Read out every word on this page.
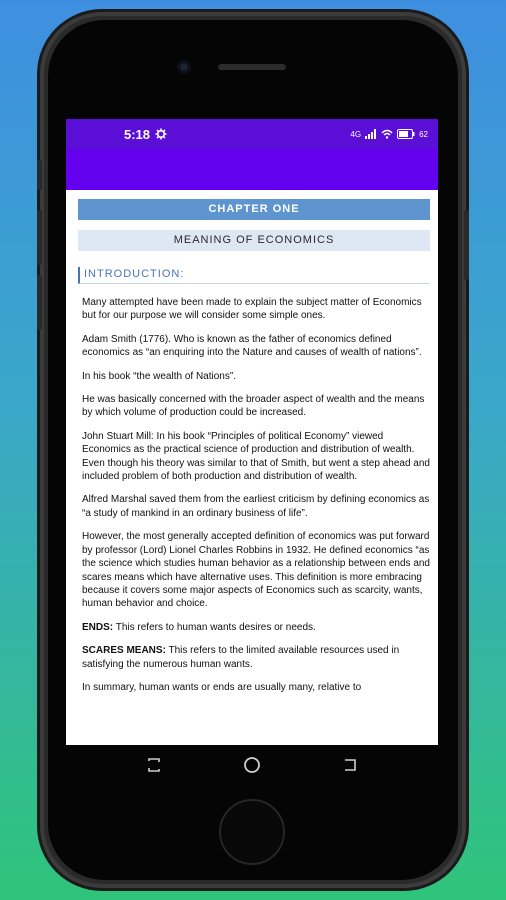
5:18	4G	62
CHAPTER ONE
MEANING OF ECONOMICS
INTRODUCTION:

Many attempted have been made to explain the subject matter of Economics but for our purpose we will consider some simple ones.

Adam Smith (1776). Who is known as the father of economics defined economics as “an enquiring into the Nature and causes of wealth of nations”.

In his book “the wealth of Nations”.

He was basically concerned with the broader aspect of wealth and the means by which volume of production could be increased.

John Stuart Mill: In his book “Principles of political Economy” viewed Economics as the practical science of production and distribution of wealth. Even though his theory was similar to that of Smith, but went a step ahead and included problem of both production and distribution of wealth.

Alfred Marshal saved them from the earliest criticism by defining economics as “a study of mankind in an ordinary business of life”.

However, the most generally accepted definition of economics was put forward by professor (Lord) Lionel Charles Robbins in 1932. He defined economics “as the science which studies human behavior as a relationship between ends and scares means which have alternative uses. This definition is more embracing because it covers some major aspects of Economics such as scarcity, wants, human behavior and choice.

ENDS: This refers to human wants desires or needs.

SCARES MEANS: This refers to the limited available resources used in satisfying the numerous human wants.

In summary, human wants or ends are usually many, relative to
